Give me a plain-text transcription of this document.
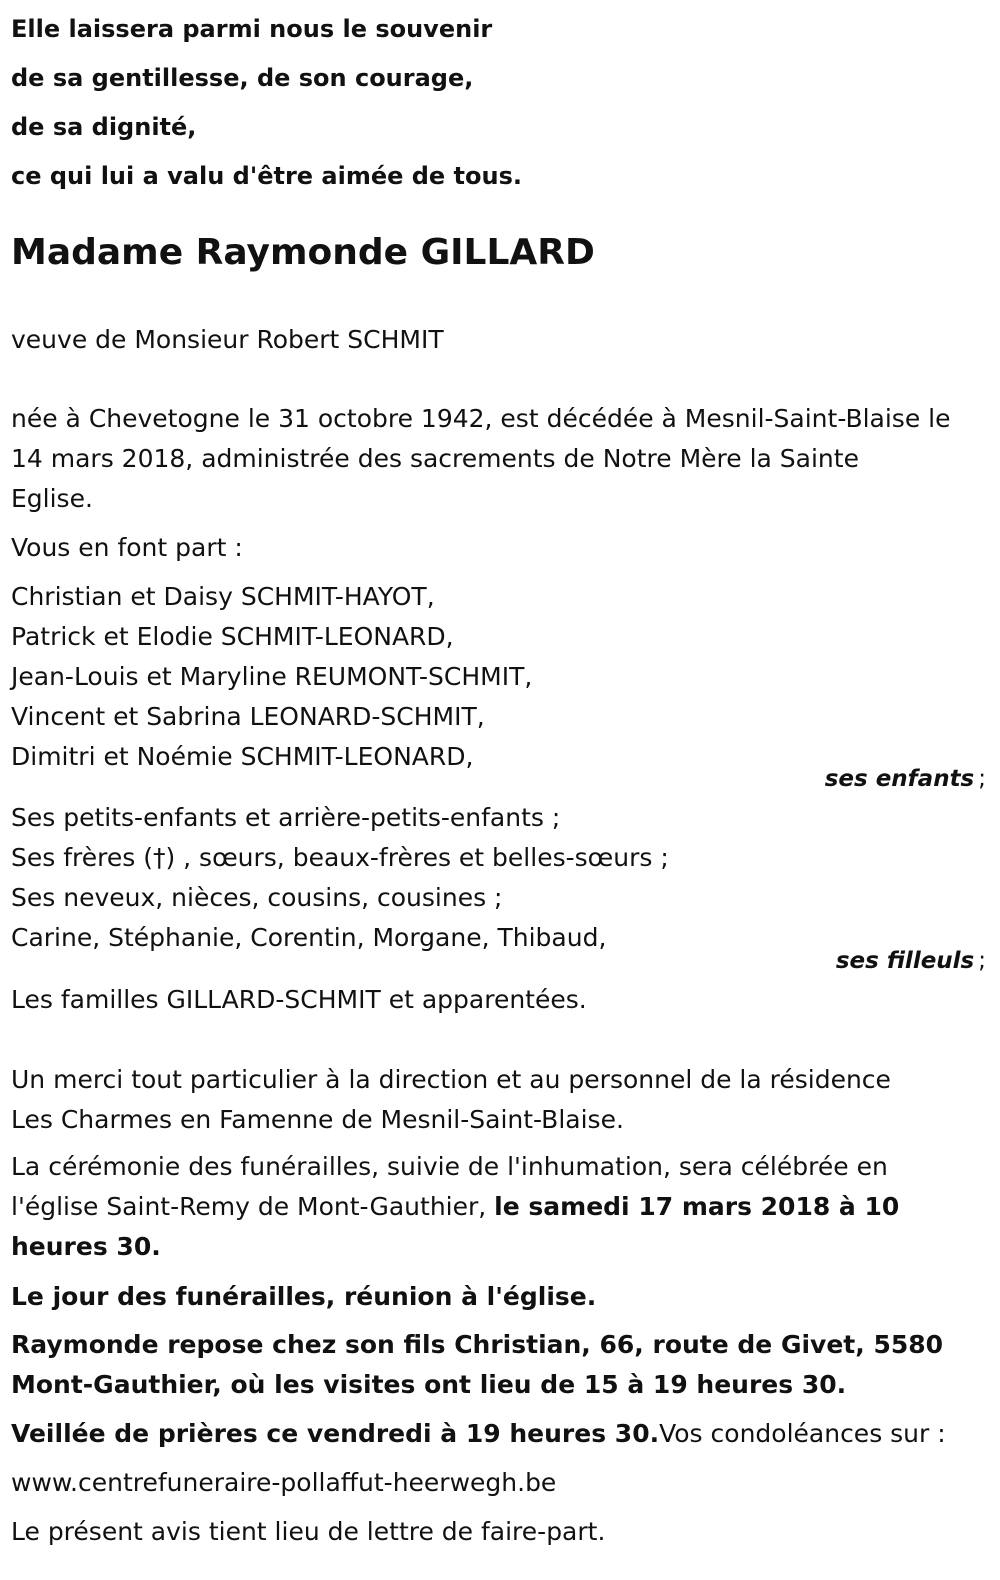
Elle laissera parmi nous le souvenir

de sa gentillesse, de son courage,

de sa dignité,

ce qui lui a valu d'être aimée de tous.

Madame Raymonde GILLARD

veuve de Monsieur Robert SCHMIT

née à Chevetogne le 31 octobre 1942, est décédée à Mesnil-Saint-Blaise le

14 mars 2018, administrée des sacrements de Notre Mère la Sainte

Eglise.

Vous en font part :

Christian et Daisy SCHMIT-HAYOT,

Patrick et Elodie SCHMIT-LEONARD,

Jean-Louis et Maryline REUMONT-SCHMIT,

Vincent et Sabrina LEONARD-SCHMIT,

Dimitri et Noémie SCHMIT-LEONARD,

ses enfants ;

Ses petits-enfants et arrière-petits-enfants ;

Ses frères (†) , sœurs, beaux-frères et belles-sœurs ;

Ses neveux, nièces, cousins, cousines ;

Carine, Stéphanie, Corentin, Morgane, Thibaud,

ses filleuls ;

Les familles GILLARD-SCHMIT et apparentées.

Un merci tout particulier à la direction et au personnel de la résidence

Les Charmes en Famenne de Mesnil-Saint-Blaise.

La cérémonie des funérailles, suivie de l'inhumation, sera célébrée en

l'église Saint-Remy de Mont-Gauthier, le samedi 17 mars 2018 à 10

heures 30.

Le jour des funérailles, réunion à l'église.

Raymonde repose chez son fils Christian, 66, route de Givet, 5580

Mont-Gauthier, où les visites ont lieu de 15 à 19 heures 30.

Veillée de prières ce vendredi à 19 heures 30.Vos condoléances sur :

www.centrefuneraire-pollaffut-heerwegh.be

Le présent avis tient lieu de lettre de faire-part.
